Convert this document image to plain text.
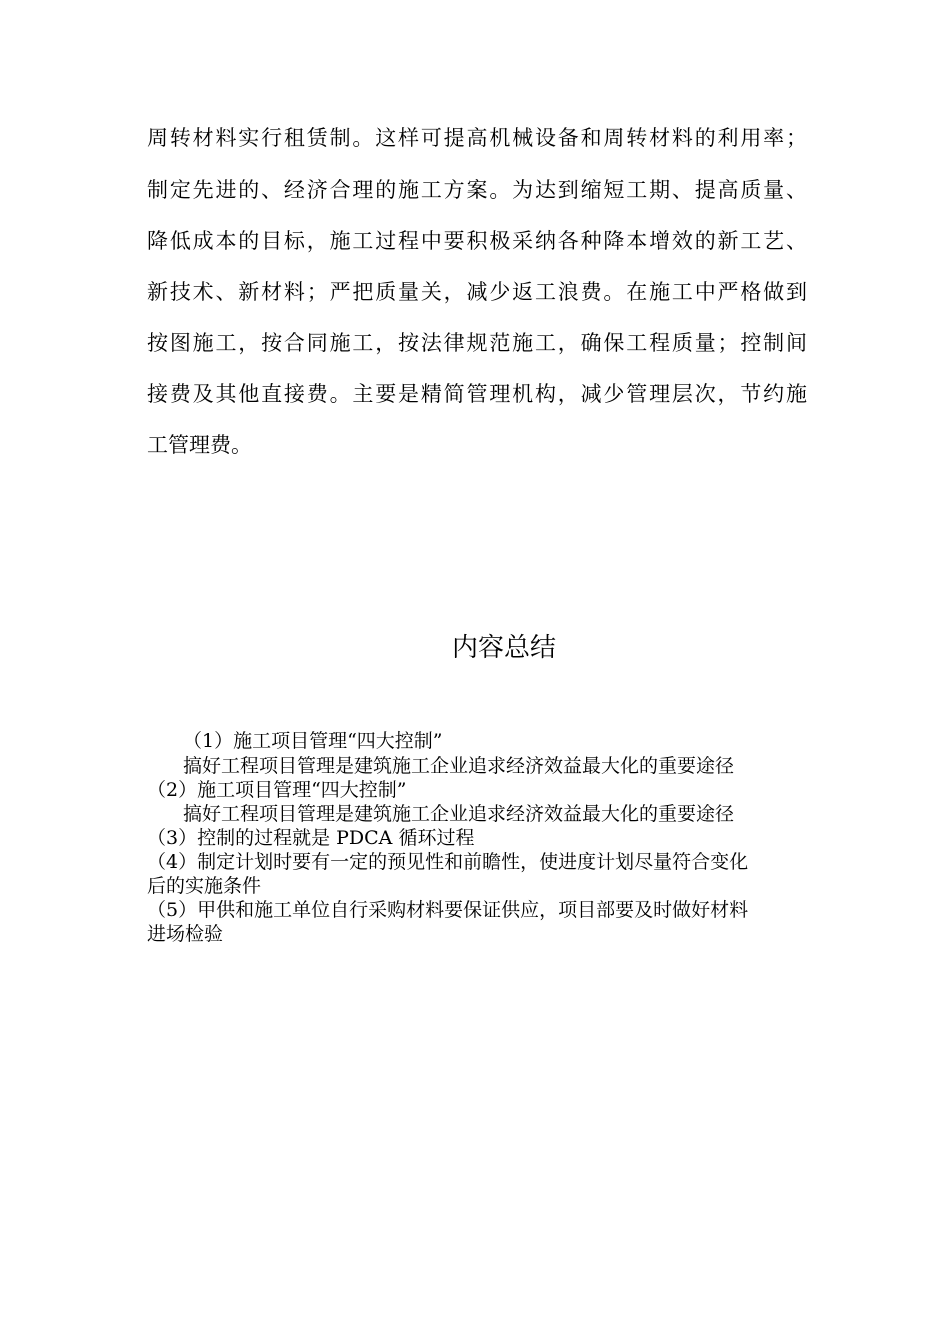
周转材料实行租赁制。这样可提高机械设备和周转材料的利用率；
制定先进的、经济合理的施工方案。为达到缩短工期、提高质量、
降低成本的目标，施工过程中要积极采纳各种降本增效的新工艺、
新技术、新材料；严把质量关，减少返工浪费。在施工中严格做到
按图施工，按合同施工，按法律规范施工，确保工程质量；控制间
接费及其他直接费。主要是精简管理机构，减少管理层次，节约施
工管理费。
内容总结
（1）施工项目管理“四大控制”
搞好工程项目管理是建筑施工企业追求经济效益最大化的重要途径
（2）施工项目管理“四大控制”
搞好工程项目管理是建筑施工企业追求经济效益最大化的重要途径
（3）控制的过程就是 PDCA 循环过程
（4）制定计划时要有一定的预见性和前瞻性，使进度计划尽量符合变化
后的实施条件
（5）甲供和施工单位自行采购材料要保证供应，项目部要及时做好材料
进场检验
